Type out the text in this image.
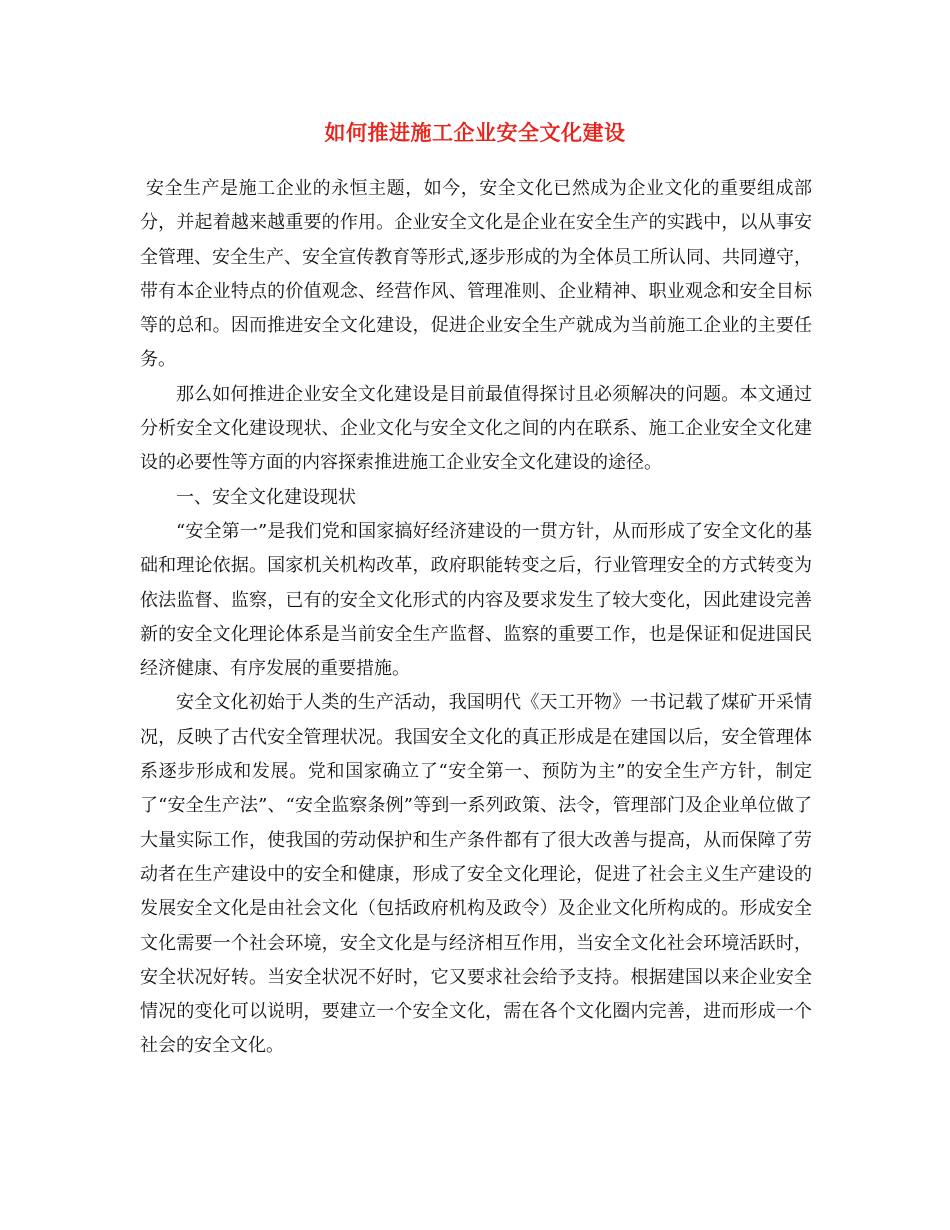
如何推进施工企业安全文化建设

安全生产是施工企业的永恒主题，如今，安全文化已然成为企业文化的重要组成部分，并起着越来越重要的作用。企业安全文化是企业在安全生产的实践中，以从事安全管理、安全生产、安全宣传教育等形式,逐步形成的为全体员工所认同、共同遵守，带有本企业特点的价值观念、经营作风、管理准则、企业精神、职业观念和安全目标等的总和。因而推进安全文化建设，促进企业安全生产就成为当前施工企业的主要任务。

那么如何推进企业安全文化建设是目前最值得探讨且必须解决的问题。本文通过分析安全文化建设现状、企业文化与安全文化之间的内在联系、施工企业安全文化建设的必要性等方面的内容探索推进施工企业安全文化建设的途径。

一、安全文化建设现状

“安全第一”是我们党和国家搞好经济建设的一贯方针，从而形成了安全文化的基础和理论依据。国家机关机构改革，政府职能转变之后，行业管理安全的方式转变为依法监督、监察，已有的安全文化形式的内容及要求发生了较大变化，因此建设完善新的安全文化理论体系是当前安全生产监督、监察的重要工作，也是保证和促进国民经济健康、有序发展的重要措施。

安全文化初始于人类的生产活动，我国明代《天工开物》一书记载了煤矿开采情况，反映了古代安全管理状况。我国安全文化的真正形成是在建国以后，安全管理体系逐步形成和发展。党和国家确立了“安全第一、预防为主”的安全生产方针，制定了“安全生产法”、“安全监察条例”等到一系列政策、法令，管理部门及企业单位做了大量实际工作，使我国的劳动保护和生产条件都有了很大改善与提高，从而保障了劳动者在生产建设中的安全和健康，形成了安全文化理论，促进了社会主义生产建设的发展安全文化是由社会文化（包括政府机构及政令）及企业文化所构成的。形成安全文化需要一个社会环境，安全文化是与经济相互作用，当安全文化社会环境活跃时，安全状况好转。当安全状况不好时，它又要求社会给予支持。根据建国以来企业安全情况的变化可以说明，要建立一个安全文化，需在各个文化圈内完善，进而形成一个社会的安全文化。
